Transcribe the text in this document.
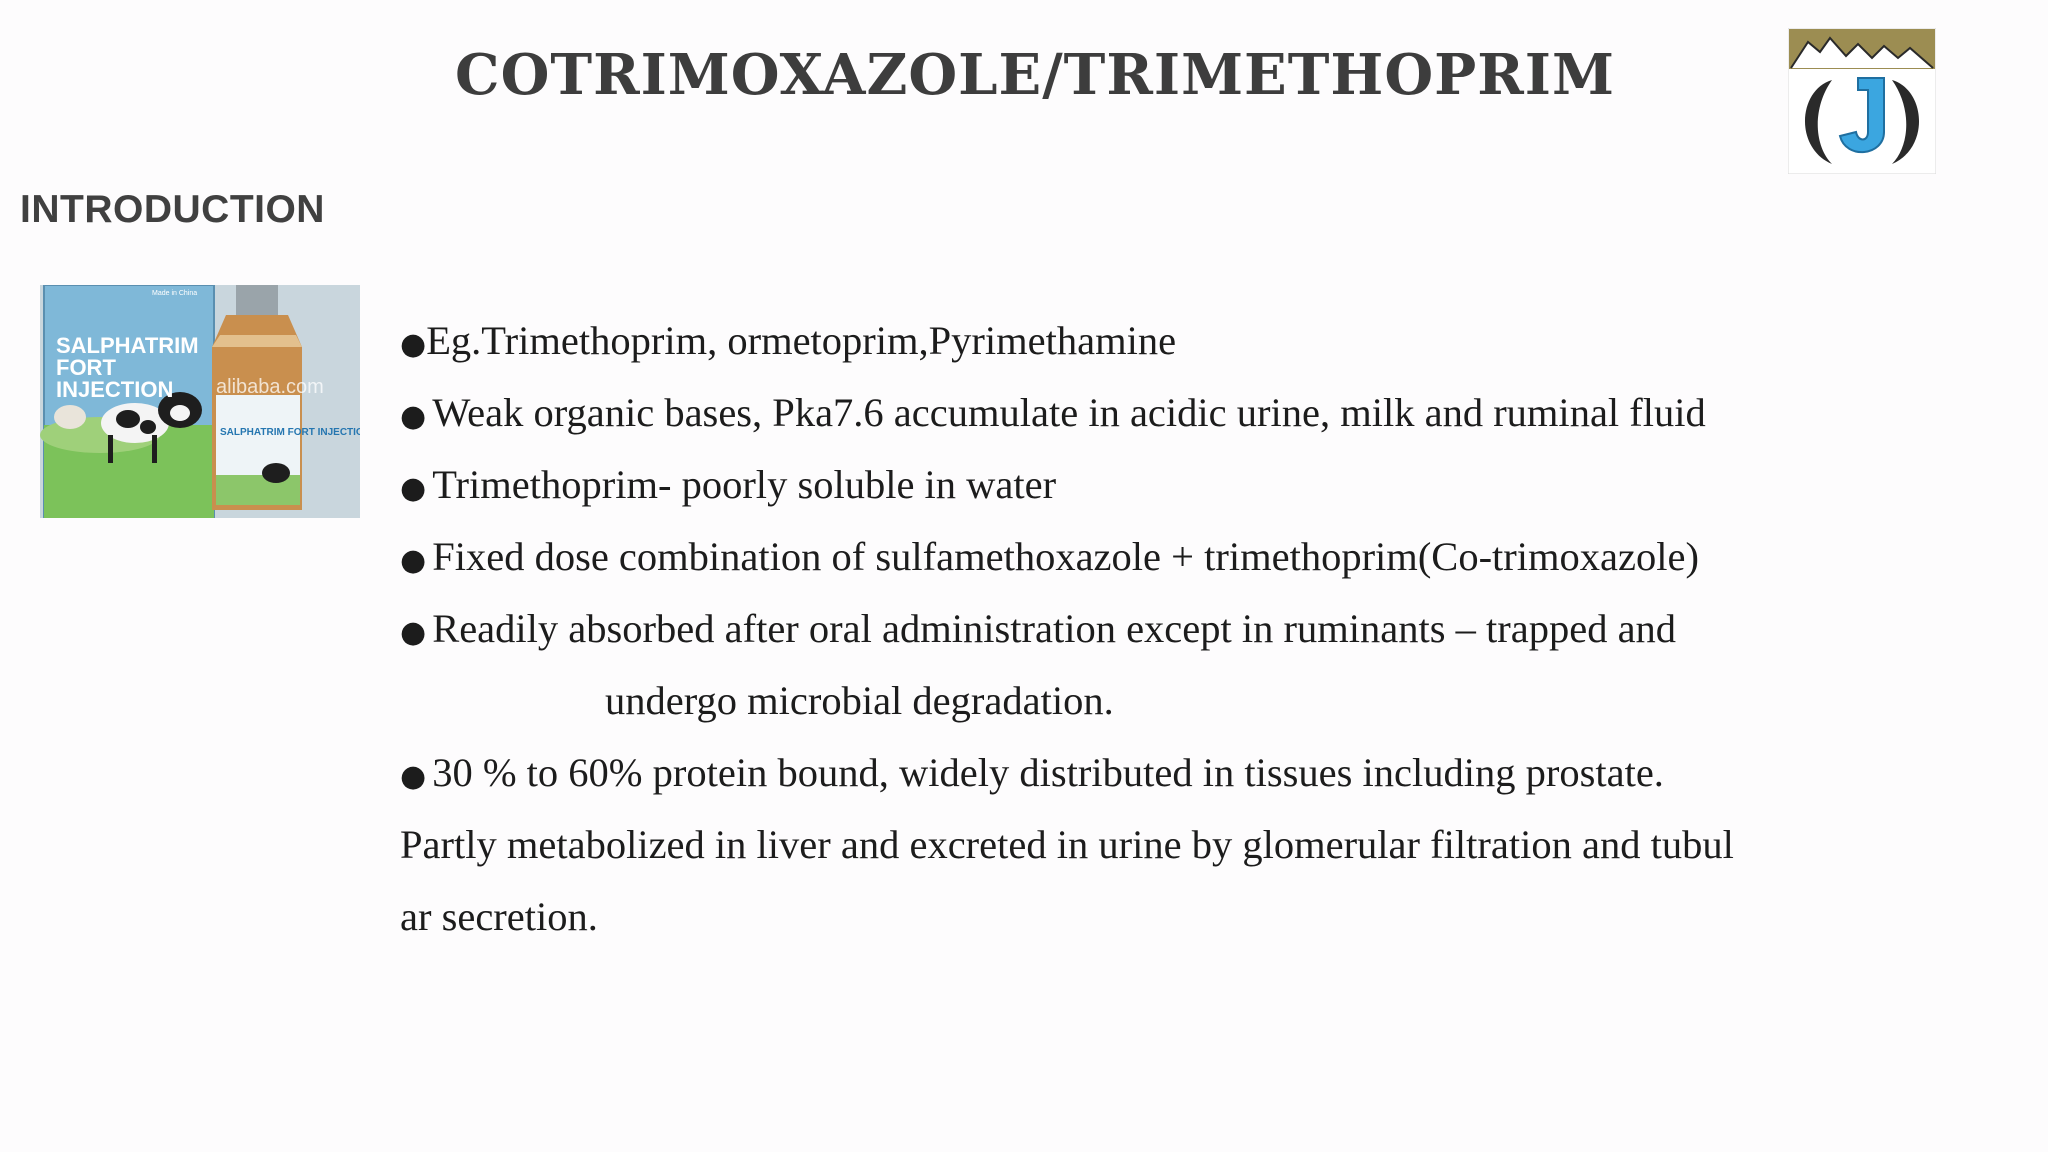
COTRIMOXAZOLE/TRIMETHOPRIM
INTRODUCTION
SALPHATRIM
FORT
INJECTION
Made in China
SALPHATRIM FORT INJECTION
alibaba.com
●Eg.Trimethoprim, ormetoprim,Pyrimethamine
● Weak organic bases, Pka7.6 accumulate in acidic urine, milk and ruminal fluid
● Trimethoprim- poorly soluble in water
● Fixed dose combination of sulfamethoxazole + trimethoprim(Co-trimoxazole)
● Readily absorbed after oral administration except in ruminants – trapped and
undergo microbial degradation.
● 30 % to 60% protein bound, widely distributed in tissues including prostate.
Partly metabolized in liver and excreted in urine by glomerular filtration and tubul
ar secretion.
